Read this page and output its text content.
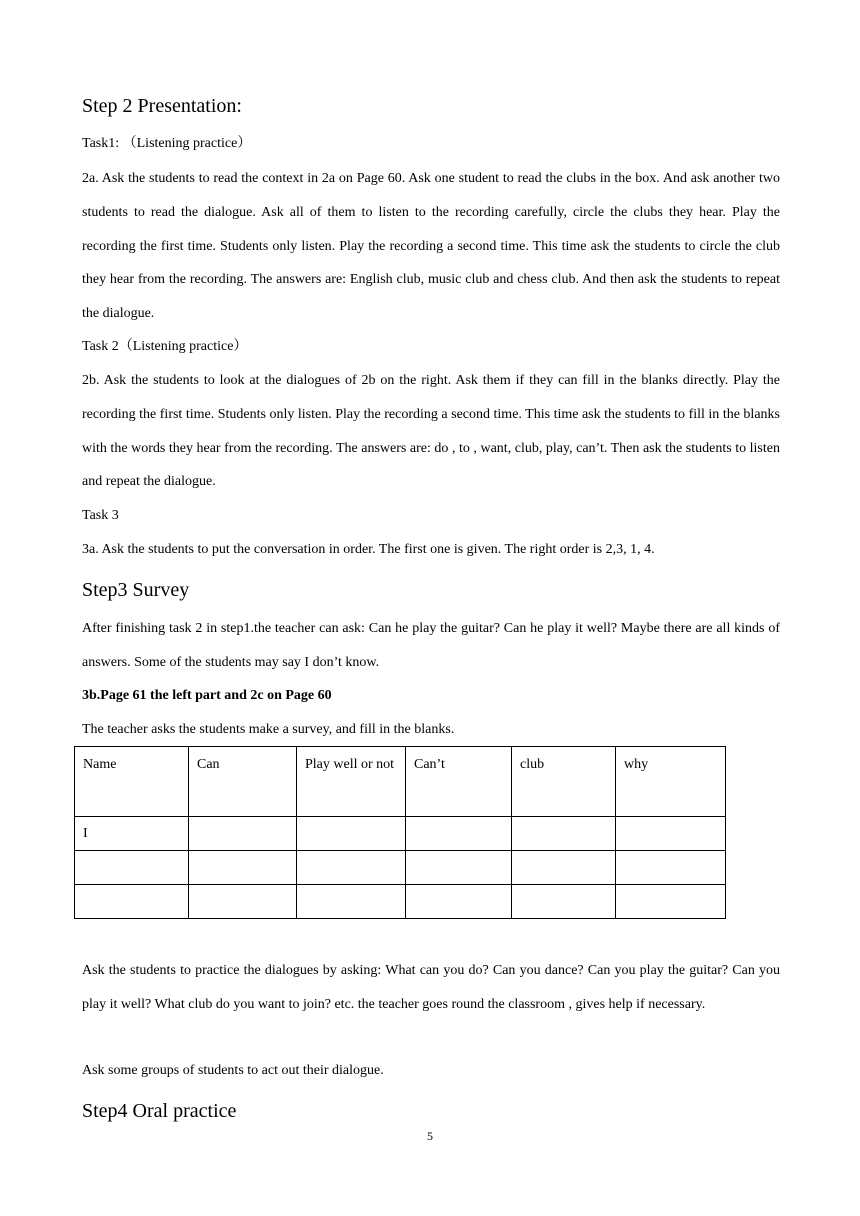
Step 2 Presentation:
Task1: （Listening practice）
2a. Ask the students to read the context in 2a on Page 60. Ask one student to read the clubs in the box. And ask another two students to read the dialogue. Ask all of them to listen to the recording carefully, circle the clubs they hear. Play the recording the first time. Students only listen. Play the recording a second time. This time ask the students to circle the club they hear from the recording. The answers are: English club, music club and chess club. And then ask the students to repeat the dialogue.
Task 2（Listening practice）
2b. Ask the students to look at the dialogues of 2b on the right. Ask them if they can fill in the blanks directly. Play the recording the first time. Students only listen. Play the recording a second time. This time ask the students to fill in the blanks with the words they hear from the recording. The answers are: do , to , want, club, play, can’t. Then ask the students to listen and repeat the dialogue.
Task 3
3a. Ask the students to put the conversation in order. The first one is given. The right order is 2,3, 1, 4.
Step3 Survey
After finishing task 2 in step1.the teacher can ask: Can he play the guitar? Can he play it well? Maybe there are all kinds of answers. Some of the students may say I don’t know.
3b.Page 61 the left part and 2c on Page 60
The teacher asks the students make a survey, and fill in the blanks.
Name	Can	Play well or not	Can’t	club	why
I					

Ask the students to practice the dialogues by asking: What can you do? Can you dance? Can you play the guitar? Can you play it well? What club do you want to join? etc. the teacher goes round the classroom , gives help if necessary.
Ask some groups of students to act out their dialogue.
Step4 Oral practice
5
